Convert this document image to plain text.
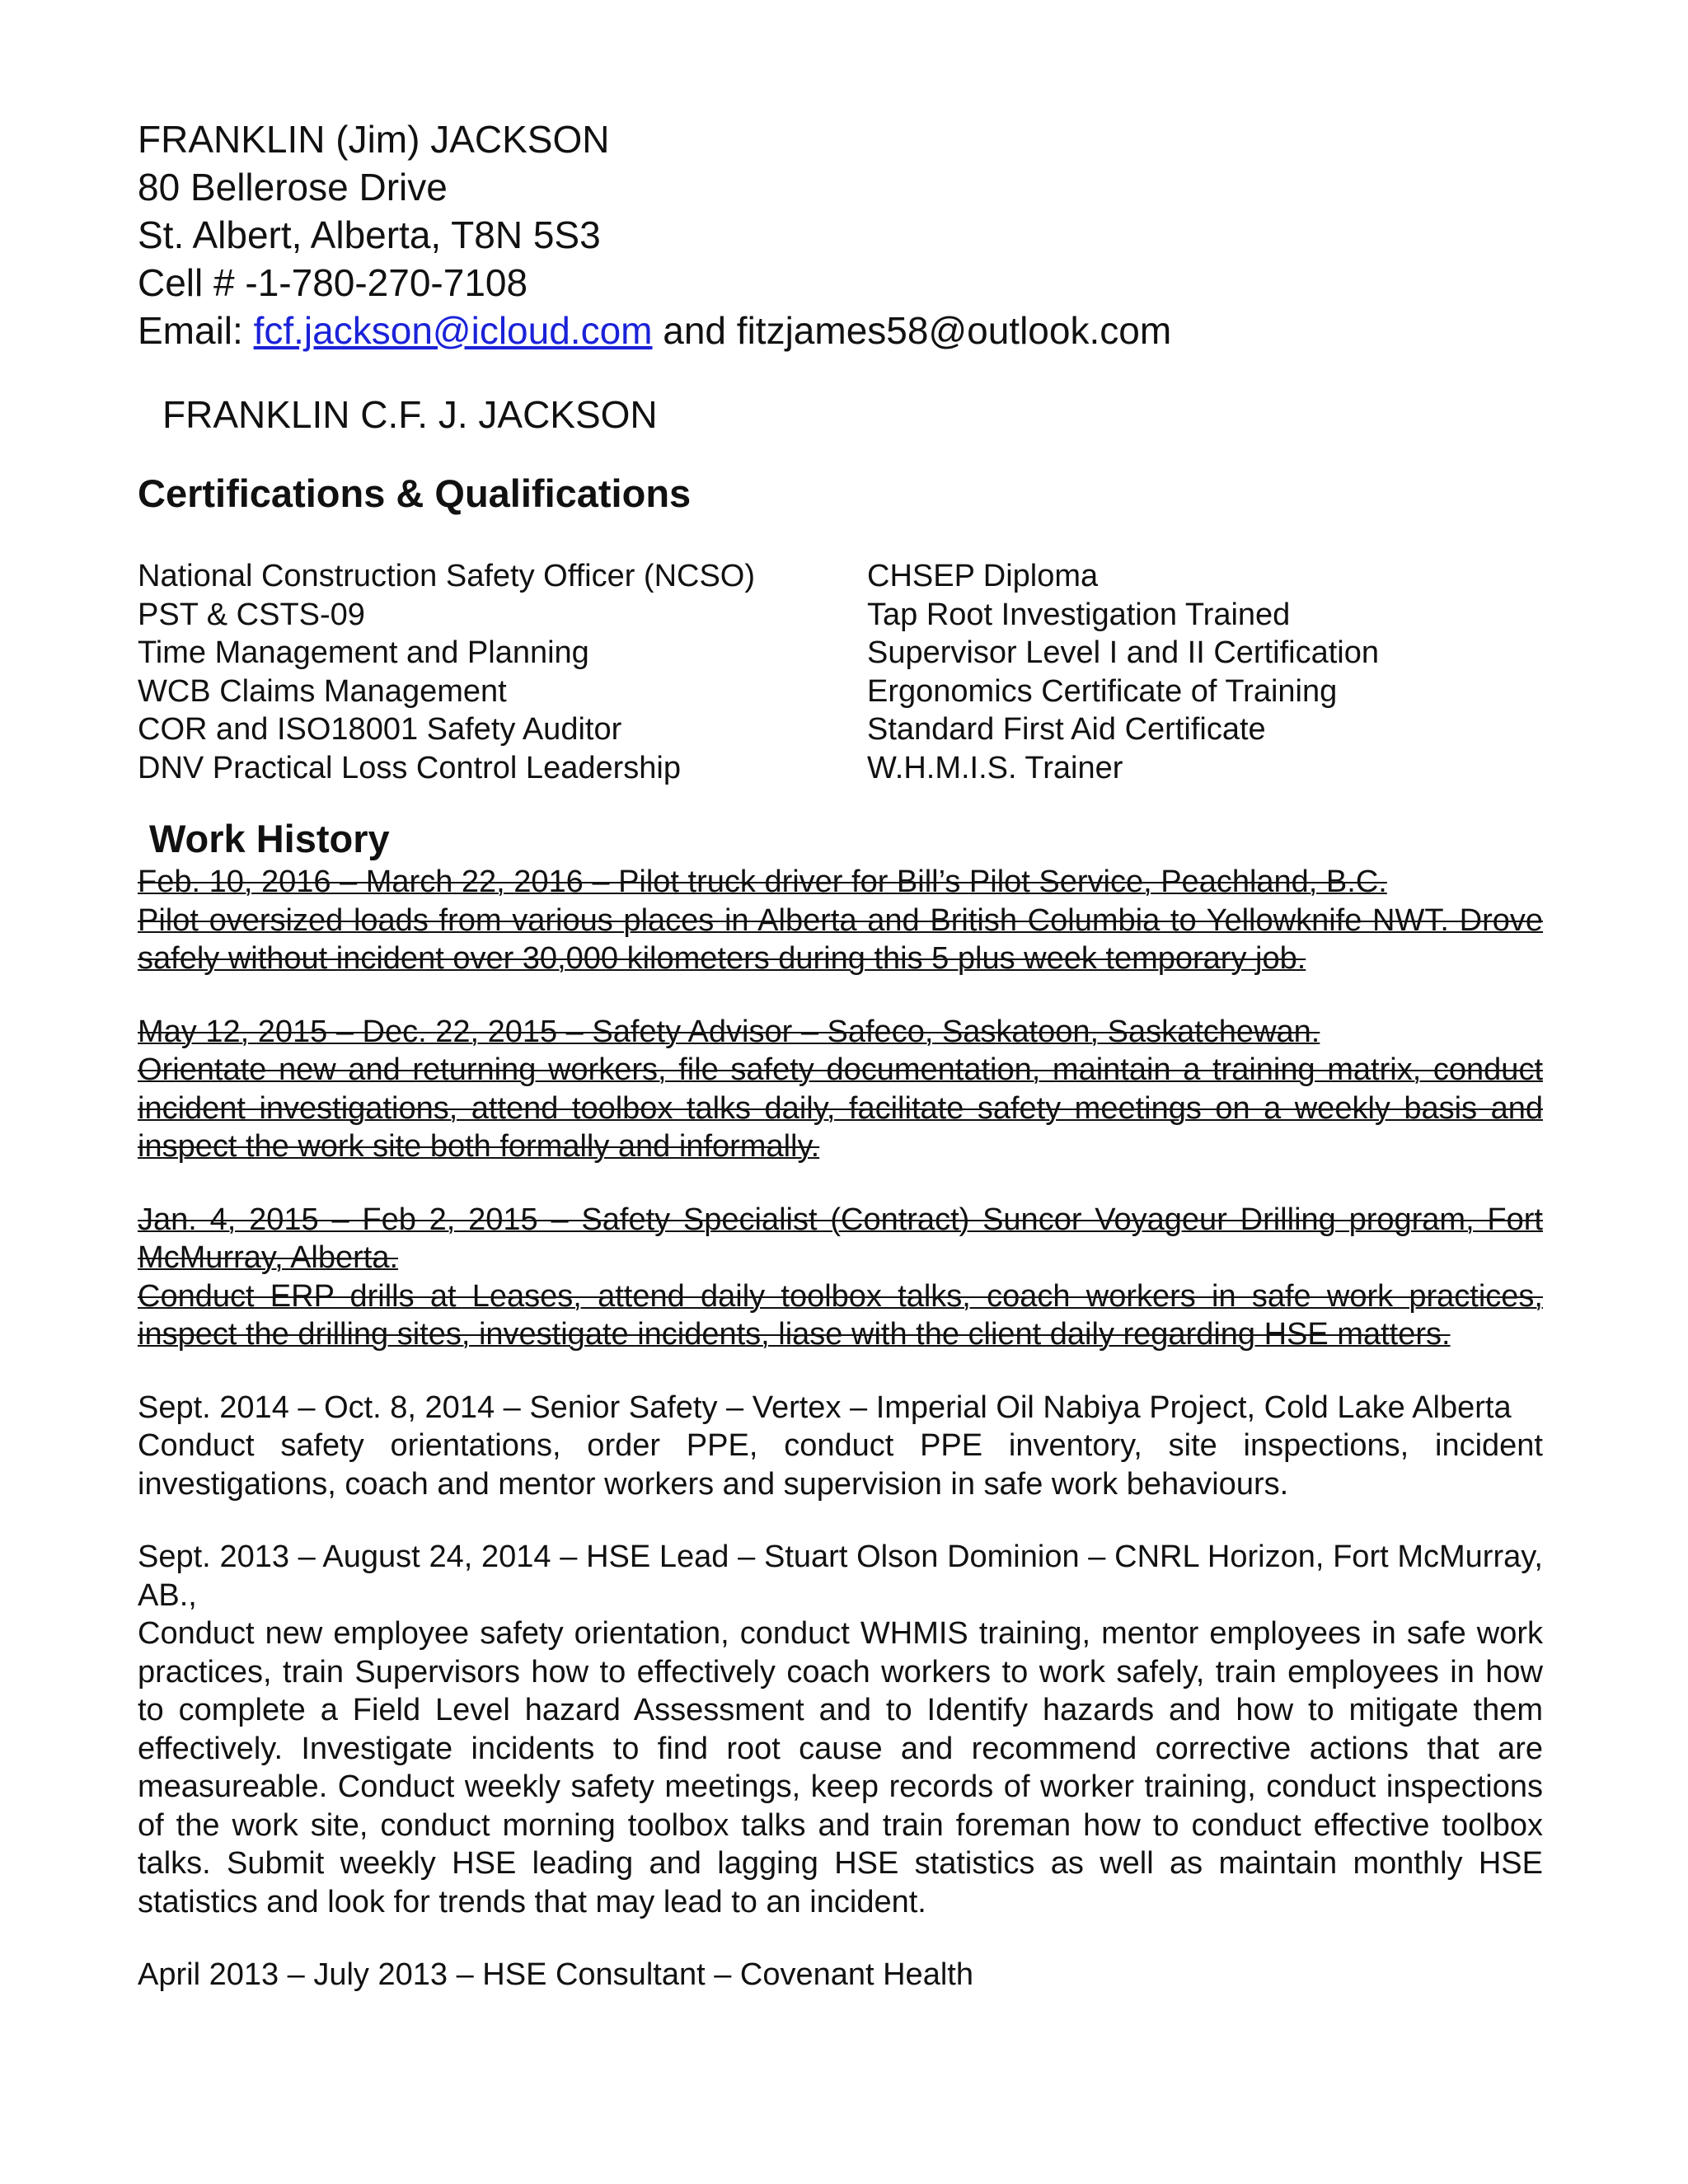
FRANKLIN (Jim) JACKSON

80 Bellerose Drive

St. Albert, Alberta, T8N 5S3

Cell # -1-780-270-7108

Email: fcf.jackson@icloud.com and fitzjames58@outlook.com

FRANKLIN C.F. J. JACKSON

Certifications & Qualifications

National Construction Safety Officer (NCSO)	CHSEP Diploma
PST & CSTS-09	Tap Root Investigation Trained
Time Management and Planning	Supervisor Level I and II Certification
WCB Claims Management	Ergonomics Certificate of Training
COR and ISO18001 Safety Auditor	Standard First Aid Certificate
DNV Practical Loss Control Leadership	W.H.M.I.S. Trainer

Work History

Feb. 10, 2016 – March 22, 2016 – Pilot truck driver for Bill’s Pilot Service, Peachland, B.C.

Pilot oversized loads from various places in Alberta and British Columbia to Yellowknife NWT. Drove safely without incident over 30,000 kilometers during this 5 plus week temporary job.

May 12, 2015 – Dec. 22, 2015 – Safety Advisor – Safeco, Saskatoon, Saskatchewan.

Orientate new and returning workers, file safety documentation, maintain a training matrix, conduct incident investigations, attend toolbox talks daily, facilitate safety meetings on a weekly basis and inspect the work site both formally and informally.

Jan. 4, 2015 – Feb 2, 2015 – Safety Specialist (Contract) Suncor Voyageur Drilling program, Fort McMurray, Alberta.

Conduct ERP drills at Leases, attend daily toolbox talks, coach workers in safe work practices, inspect the drilling sites, investigate incidents, liase with the client daily regarding HSE matters.

Sept. 2014 – Oct. 8, 2014 – Senior Safety – Vertex – Imperial Oil Nabiya Project, Cold Lake Alberta

Conduct safety orientations, order PPE, conduct PPE inventory, site inspections, incident investigations, coach and mentor workers and supervision in safe work behaviours.

Sept. 2013 – August 24, 2014 – HSE Lead – Stuart Olson Dominion – CNRL Horizon, Fort McMurray, AB.,

Conduct new employee safety orientation, conduct WHMIS training, mentor employees in safe work practices, train Supervisors how to effectively coach workers to work safely, train employees in how to complete a Field Level hazard Assessment and to Identify hazards and how to mitigate them effectively. Investigate incidents to find root cause and recommend corrective actions that are measureable. Conduct weekly safety meetings, keep records of worker training, conduct inspections of the work site, conduct morning toolbox talks and train foreman how to conduct effective toolbox talks. Submit weekly HSE leading and lagging HSE statistics as well as maintain monthly HSE statistics and look for trends that may lead to an incident.

April 2013 – July 2013 – HSE Consultant – Covenant Health
